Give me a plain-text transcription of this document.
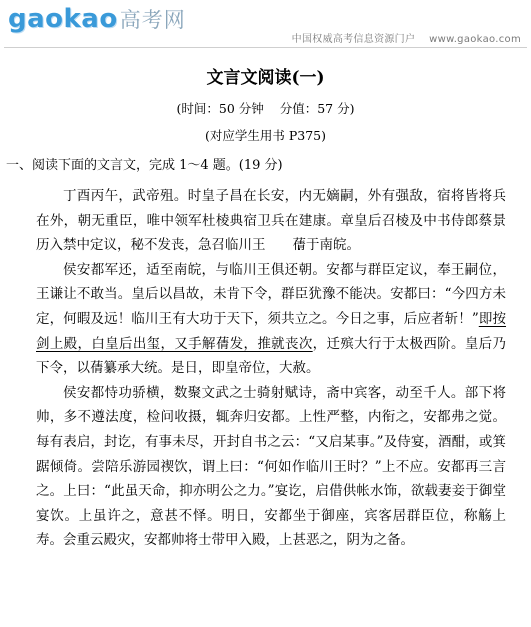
gaokao高考网
中国权威高考信息资源门户    www.gaokao.com
文言文阅读(一)
(时间：50 分钟    分值：57 分)
(对应学生用书 P375)
一、阅读下面的文言文，完成 1～4 题。(19 分)

丁酉丙午，武帝殂。时皇子昌在长安，内无嫡嗣，外有强敌，宿将皆将兵在外，朝无重臣，唯中领军杜棱典宿卫兵在建康。章皇后召棱及中书侍郎蔡景历入禁中定议，秘不发丧，急召临川王 蒨 ·于南皖。

侯安都军还，适至南皖，与临川王俱还朝。安都与群臣定议，奉王嗣位，王谦让不敢当。皇后以昌故，未肯下令，群臣犹豫不能决。安都曰：“今四方未定，何暇及远！临川王有大功于天下，须共立之。今日之事，后应者斩！”即按剑上殿，白皇后出玺，又手解蒨发，推就丧次，迁殡大行于太极西阶。皇后乃下令，以蒨纂承大统。是日，即皇帝位，大赦。

侯安都恃功骄横，数聚文武之士骑射赋诗，斋中宾客，动至千人。部下将帅，多不遵法度，检问收摄，辄奔归安都。上性严整，内衔之，安都弗之觉。每有表启，封讫，有事未尽，开封自书之云：“又启某事。”及侍宴，酒酣，或箕踞倾倚。尝陪乐游园禊饮，谓上曰：“何如作临川王时？”上不应。安都再三言之。上曰：“此虽天命，抑亦明公之力。”宴讫，启借供帐水饰，欲载妻妾于御堂宴饮。上虽许之，意甚不怿。明日，安都坐于御座，宾客居群臣位，称觞上寿。会重云殿灾，安都帅将士带甲入殿，上甚恶之，阴为之备。
